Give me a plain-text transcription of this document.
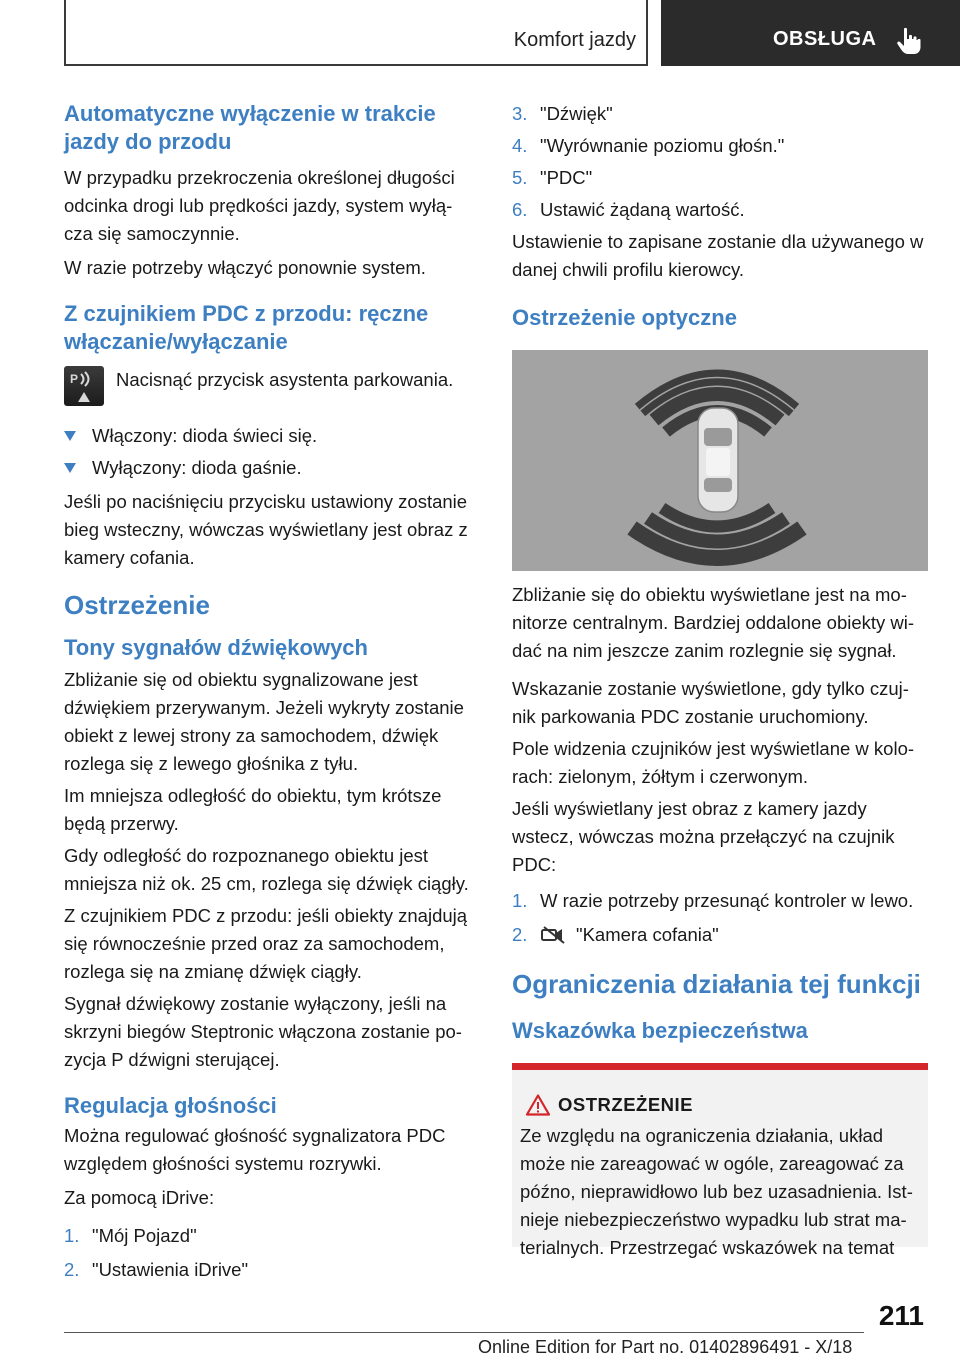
Komfort jazdy	OBSŁUGA
Automatyczne wyłączenie w trakcie jazdy do przodu

W przypadku przekroczenia określonej długości odcinka drogi lub prędkości jazdy, system wyłą-cza się samoczynnie.

W razie potrzeby włączyć ponownie system.

Z czujnikiem PDC z przodu: ręczne włączanie/wyłączanie
P Nacisnąć przycisk asystenta parkowania.

Włączony: dioda świeci się.
Wyłączony: dioda gaśnie.

Jeśli po naciśnięciu przycisku ustawiony zostanie bieg wsteczny, wówczas wyświetlany jest obraz z kamery cofania.

Ostrzeżenie
Tony sygnałów dźwiękowych

Zbliżanie się od obiektu sygnalizowane jest dźwiękiem przerywanym. Jeżeli wykryty zostanie obiekt z lewej strony za samochodem, dźwięk rozlega się z lewego głośnika z tyłu.

Im mniejsza odległość do obiektu, tym krótsze będą przerwy.

Gdy odległość do rozpoznanego obiektu jest mniejsza niż ok. 25 cm, rozlega się dźwięk ciągły.

Z czujnikiem PDC z przodu: jeśli obiekty znajdują się równocześnie przed oraz za samochodem, rozlega się na zmianę dźwięk ciągły.

Sygnał dźwiękowy zostanie wyłączony, jeśli na skrzyni biegów Steptronic włączona zostanie po-zycja P dźwigni sterującej.

Regulacja głośności

Można regulować głośność sygnalizatora PDC względem głośności systemu rozrywki.

Za pomocą iDrive:

1. "Mój Pojazd"
2. "Ustawienia iDrive"
3. "Dźwięk"
4. "Wyrównanie poziomu głośn."
5. "PDC"
6. Ustawić żądaną wartość.

Ustawienie to zapisane zostanie dla używanego w danej chwili profilu kierowcy.

Ostrzeżenie optyczne

Zbliżanie się do obiektu wyświetlane jest na mo-nitorze centralnym. Bardziej oddalone obiekty wi-dać na nim jeszcze zanim rozlegnie się sygnał.

Wskazanie zostanie wyświetlone, gdy tylko czuj-nik parkowania PDC zostanie uruchomiony.

Pole widzenia czujników jest wyświetlane w kolo-rach: zielonym, żółtym i czerwonym.

Jeśli wyświetlany jest obraz z kamery jazdy wstecz, wówczas można przełączyć na czujnik PDC:

1. W razie potrzeby przesunąć kontroler w lewo.
2.	"Kamera cofania"
Ograniczenia działania tej funkcji
Wskazówka bezpieczeństwa
OSTRZEŻENIE

Ze względu na ograniczenia działania, układ może nie zareagować w ogóle, zareagować za późno, nieprawidłowo lub bez uzasadnienia. Ist-nieje niebezpieczeństwo wypadku lub strat ma-terialnych. Przestrzegać wskazówek na temat

211
Online Edition for Part no. 01402896491 - X/18
